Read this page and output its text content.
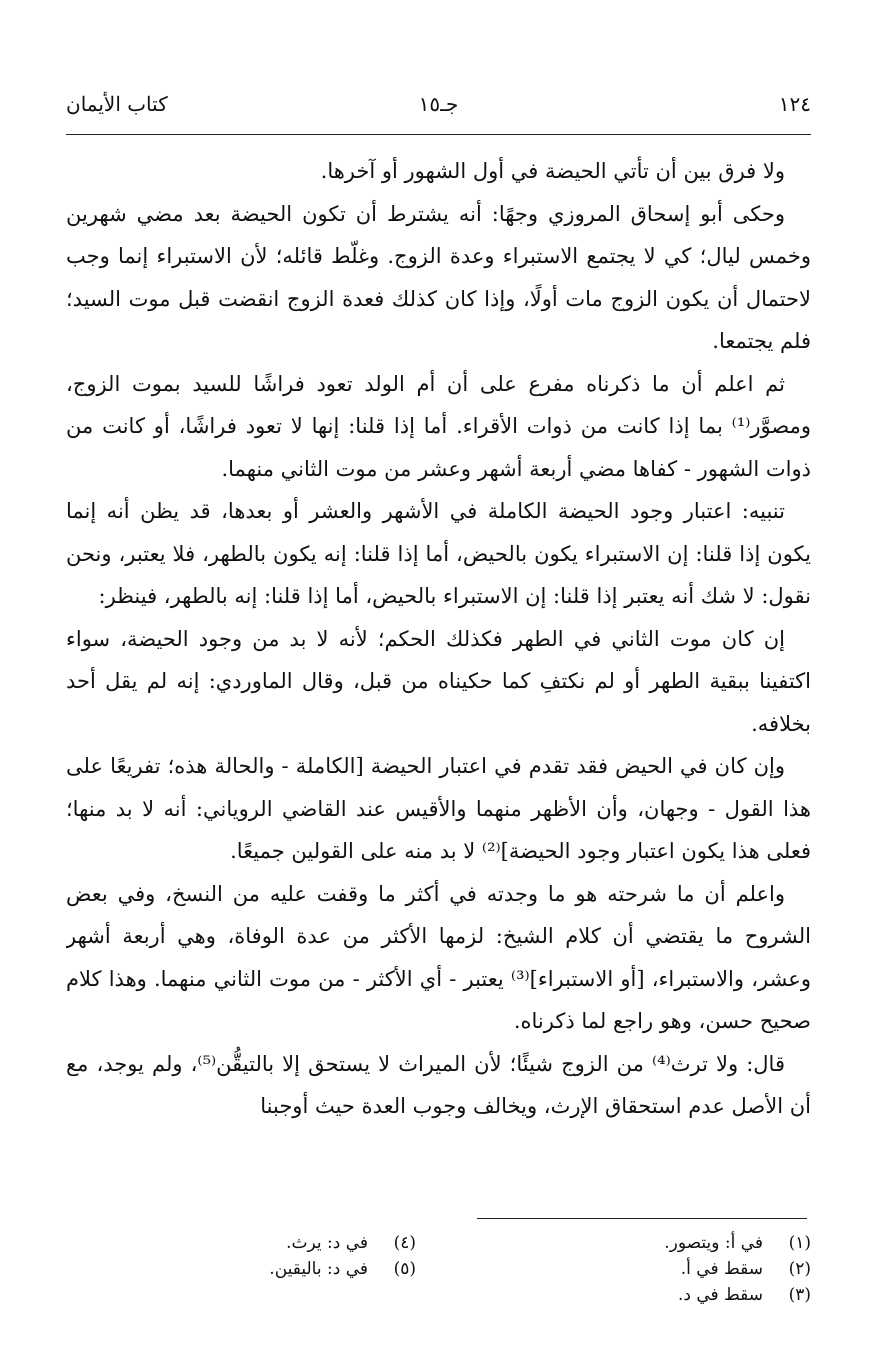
١٢٤
جـ١٥
كتاب الأيمان

ولا فرق بين أن تأتي الحيضة في أول الشهور أو آخرها.

وحكى أبو إسحاق المروزي وجهًا: أنه يشترط أن تكون الحيضة بعد مضي شهرين وخمس ليال؛ كي لا يجتمع الاستبراء وعدة الزوج. وغلّط قائله؛ لأن الاستبراء إنما وجب لاحتمال أن يكون الزوج مات أولًا، وإذا كان كذلك فعدة الزوج انقضت قبل موت السيد؛ فلم يجتمعا.

ثم اعلم أن ما ذكرناه مفرع على أن أم الولد تعود فراشًا للسيد بموت الزوج، ومصوَّر⁽¹⁾ بما إذا كانت من ذوات الأقراء. أما إذا قلنا: إنها لا تعود فراشًا، أو كانت من ذوات الشهور - كفاها مضي أربعة أشهر وعشر من موت الثاني منهما.

تنبيه: اعتبار وجود الحيضة الكاملة في الأشهر والعشر أو بعدها، قد يظن أنه إنما يكون إذا قلنا: إن الاستبراء يكون بالحيض، أما إذا قلنا: إنه يكون بالطهر، فلا يعتبر، ونحن نقول: لا شك أنه يعتبر إذا قلنا: إن الاستبراء بالحيض، أما إذا قلنا: إنه بالطهر، فينظر:

إن كان موت الثاني في الطهر فكذلك الحكم؛ لأنه لا بد من وجود الحيضة، سواء اكتفينا ببقية الطهر أو لم نكتفِ كما حكيناه من قبل، وقال الماوردي: إنه لم يقل أحد بخلافه.

وإن كان في الحيض فقد تقدم في اعتبار الحيضة [الكاملة - والحالة هذه؛ تفريعًا على هذا القول - وجهان، وأن الأظهر منهما والأقيس عند القاضي الروياني: أنه لا بد منها؛ فعلى هذا يكون اعتبار وجود الحيضة]⁽²⁾ لا بد منه على القولين جميعًا.

واعلم أن ما شرحته هو ما وجدته في أكثر ما وقفت عليه من النسخ، وفي بعض الشروح ما يقتضي أن كلام الشيخ: لزمها الأكثر من عدة الوفاة، وهي أربعة أشهر وعشر، والاستبراء، [أو الاستبراء]⁽³⁾ يعتبر - أي الأكثر - من موت الثاني منهما. وهذا كلام صحيح حسن، وهو راجع لما ذكرناه.

قال: ولا ترث⁽⁴⁾ من الزوج شيئًا؛ لأن الميراث لا يستحق إلا بالتيقُّن⁽⁵⁾، ولم يوجد، مع أن الأصل عدم استحقاق الإرث، ويخالف وجوب العدة حيث أوجبنا

(١)في أ: ويتصور.
(٢)سقط في أ.
(٣)سقط في د.
(٤)في د: يرث.
(٥)في د: باليقين.
